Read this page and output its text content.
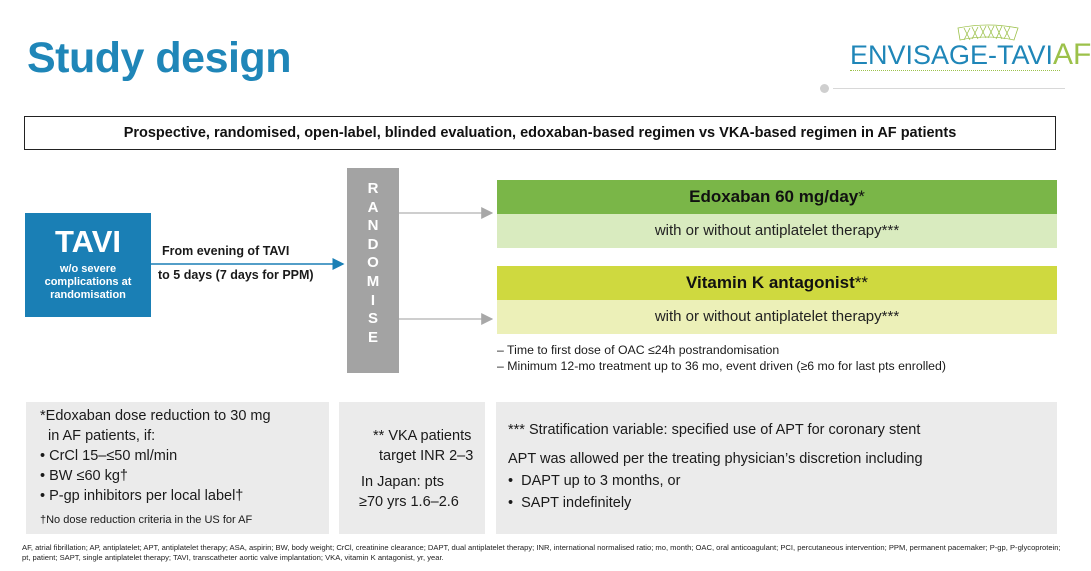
Study design	ENVISAGE-TAVIAF
Prospective, randomised, open-label, blinded evaluation, edoxaban-based regimen vs VKA-based regimen in AF patients
TAVI
w/o severe
complications at
randomisation
From evening of TAVI
to 5 days (7 days for PPM)
R
A
N
D
O
M
I
S
E
Edoxaban 60 mg/day*
with or without antiplatelet therapy***
Vitamin K antagonist**
with or without antiplatelet therapy***
– Time to first dose of OAC ≤24h postrandomisation
– Minimum 12-mo treatment up to 36 mo, event driven (≥6 mo for last pts enrolled)
*Edoxaban dose reduction to 30 mg
in AF patients, if:
• CrCl 15–≤50 ml/min
• BW ≤60 kg†
• P-gp inhibitors per local label†
†No dose reduction criteria in the US for AF
** VKA patients
target INR 2–3
In Japan: pts
≥70 yrs 1.6–2.6
*** Stratification variable: specified use of APT for coronary stent
APT was allowed per the treating physician’s discretion including
•  DAPT up to 3 months, or
•  SAPT indefinitely
AF, atrial fibrillation; AP, antiplatelet; APT, antiplatelet therapy; ASA, aspirin; BW, body weight; CrCl, creatinine clearance; DAPT, dual antiplatelet therapy; INR, international normalised ratio; mo, month; OAC, oral anticoagulant; PCI, percutaneous intervention; PPM, permanent pacemaker; P-gp, P-glycoprotein; pt, patient; SAPT, single antiplatelet therapy; TAVI, transcatheter aortic valve implantation; VKA, vitamin K antagonist, yr, year.
